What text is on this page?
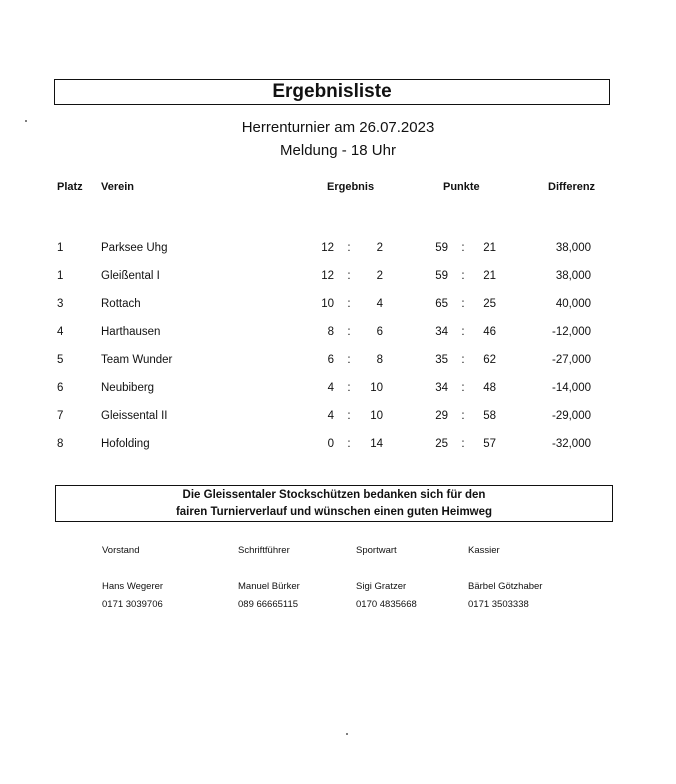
Ergebnisliste
Herrenturnier am 26.07.2023
Meldung - 18 Uhr
Platz Verein	Ergebnis	Punkte	Differenz
1	Parksee Uhg	12 :	2	59 :	21	38,000
1	Gleißental I	12 :	2	59 :	21	38,000
3	Rottach	10 :	4	65 :	25	40,000
4	Harthausen	8 :	6	34 :	46	-12,000
5	Team Wunder	6 :	8	35 :	62	-27,000
6	Neubiberg	4 :	10	34 :	48	-14,000
7	Gleissental II	4 :	10	29 :	58	-29,000
8	Hofolding	0 :	14	25 :	57	-32,000
Die Gleissentaler Stockschützen bedanken sich für den
fairen Turnierverlauf und wünschen einen guten Heimweg
Vorstand
Hans Wegerer
0171 3039706
Schriftführer
Manuel Bürker
089 66665115
Sportwart
Sigi Gratzer
0170 4835668
Kassier
Bärbel Götzhaber
0171 3503338
